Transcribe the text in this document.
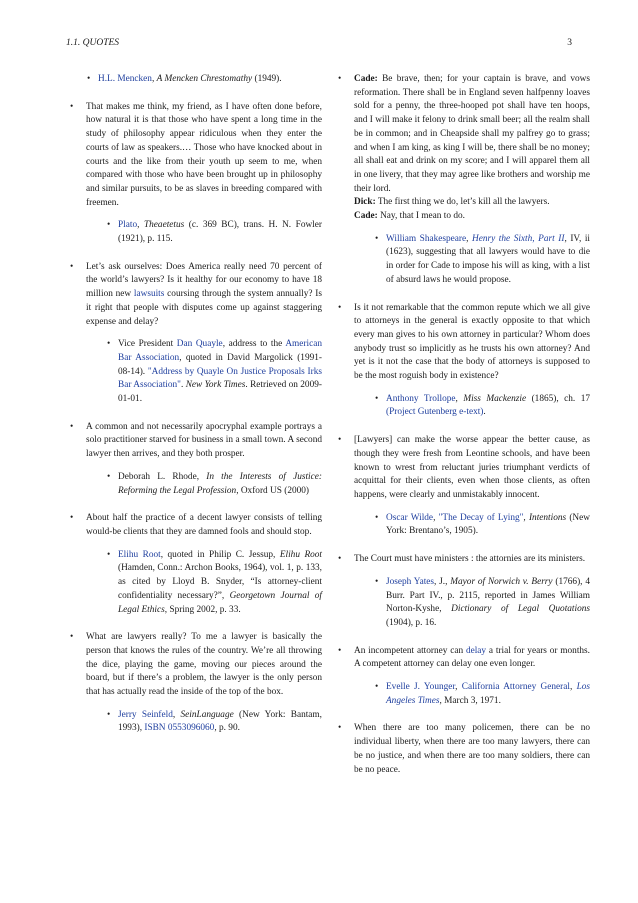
1.1. QUOTES	3
• H.L. Mencken, A Mencken Chrestomathy (1949).
• That makes me think, my friend, as I have often done before, how natural it is that those who have spent a long time in the study of philosophy appear ridiculous when they enter the courts of law as speakers.… Those who have knocked about in courts and the like from their youth up seem to me, when compared with those who have been brought up in philosophy and similar pursuits, to be as slaves in breeding compared with freemen.
• Plato, Theaetetus (c. 369 BC), trans. H. N. Fowler (1921), p. 115.
• Let’s ask ourselves: Does America really need 70 percent of the world’s lawyers? Is it healthy for our economy to have 18 million new lawsuits coursing through the system annually? Is it right that people with disputes come up against staggering expense and delay?
• Vice President Dan Quayle, address to the American Bar Association, quoted in David Margolick (1991-08-14). "Address by Quayle On Justice Proposals Irks Bar Association". New York Times. Retrieved on 2009-01-01.
• A common and not necessarily apocryphal example portrays a solo practitioner starved for business in a small town. A second lawyer then arrives, and they both prosper.
• Deborah L. Rhode, In the Interests of Justice: Reforming the Legal Profession, Oxford US (2000)
• About half the practice of a decent lawyer consists of telling would-be clients that they are damned fools and should stop.
• Elihu Root, quoted in Philip C. Jessup, Elihu Root (Hamden, Conn.: Archon Books, 1964), vol. 1, p. 133, as cited by Lloyd B. Snyder, “Is attorney-client confidentiality necessary?”, Georgetown Journal of Legal Ethics, Spring 2002, p. 33.
• What are lawyers really? To me a lawyer is basically the person that knows the rules of the country. We’re all throwing the dice, playing the game, moving our pieces around the board, but if there’s a problem, the lawyer is the only person that has actually read the inside of the top of the box.
• Jerry Seinfeld, SeinLanguage (New York: Bantam, 1993), ISBN 0553096060, p. 90.
• Cade: Be brave, then; for your captain is brave, and vows reformation. There shall be in England seven halfpenny loaves sold for a penny, the three-hooped pot shall have ten hoops, and I will make it felony to drink small beer; all the realm shall be in common; and in Cheapside shall my palfrey go to grass; and when I am king, as king I will be, there shall be no money; all shall eat and drink on my score; and I will apparel them all in one livery, that they may agree like brothers and worship me their lord.
Dick: The first thing we do, let’s kill all the lawyers.
Cade: Nay, that I mean to do.
• William Shakespeare, Henry the Sixth, Part II, IV, ii (1623), suggesting that all lawyers would have to die in order for Cade to impose his will as king, with a list of absurd laws he would propose.
• Is it not remarkable that the common repute which we all give to attorneys in the general is exactly opposite to that which every man gives to his own attorney in particular? Whom does anybody trust so implicitly as he trusts his own attorney? And yet is it not the case that the body of attorneys is supposed to be the most roguish body in existence?
• Anthony Trollope, Miss Mackenzie (1865), ch. 17 (Project Gutenberg e-text).
• [Lawyers] can make the worse appear the better cause, as though they were fresh from Leontine schools, and have been known to wrest from reluctant juries triumphant verdicts of acquittal for their clients, even when those clients, as often happens, were clearly and unmistakably innocent.
• Oscar Wilde, "The Decay of Lying", Intentions (New York: Brentano’s, 1905).
• The Court must have ministers : the attornies are its ministers.
• Joseph Yates, J., Mayor of Norwich v. Berry (1766), 4 Burr. Part IV., p. 2115, reported in James William Norton-Kyshe, Dictionary of Legal Quotations (1904), p. 16.
• An incompetent attorney can delay a trial for years or months. A competent attorney can delay one even longer.
• Evelle J. Younger, California Attorney General, Los Angeles Times, March 3, 1971.
• When there are too many policemen, there can be no individual liberty, when there are too many lawyers, there can be no justice, and when there are too many soldiers, there can be no peace.
